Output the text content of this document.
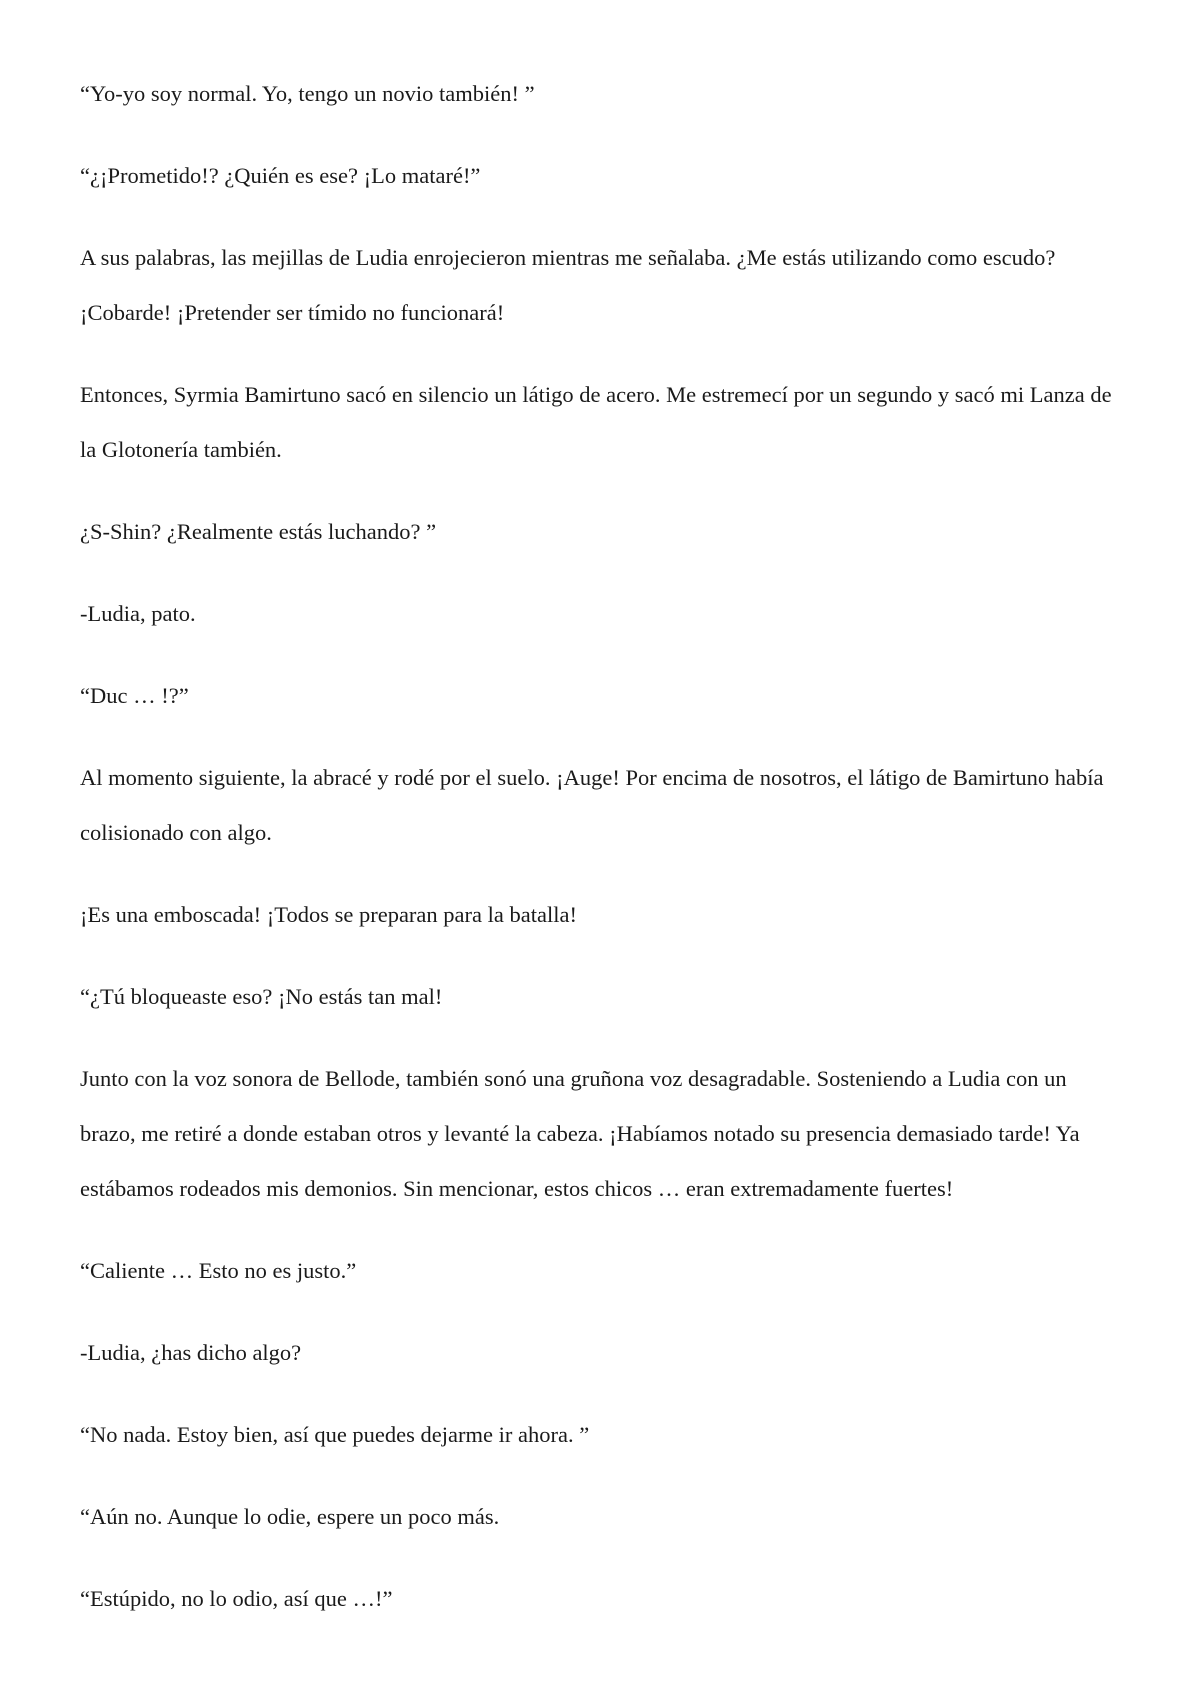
“Yo-yo soy normal. Yo, tengo un novio también! ”

“¿¡Prometido!? ¿Quién es ese? ¡Lo mataré!”

A sus palabras, las mejillas de Ludia enrojecieron mientras me señalaba. ¿Me estás utilizando como escudo? ¡Cobarde! ¡Pretender ser tímido no funcionará!

Entonces, Syrmia Bamirtuno sacó en silencio un látigo de acero. Me estremecí por un segundo y sacó mi Lanza de la Glotonería también.

¿S-Shin? ¿Realmente estás luchando? ”

-Ludia, pato.

“Duc … !?”

Al momento siguiente, la abracé y rodé por el suelo. ¡Auge! Por encima de nosotros, el látigo de Bamirtuno había colisionado con algo.

¡Es una emboscada! ¡Todos se preparan para la batalla!

“¿Tú bloqueaste eso? ¡No estás tan mal!

Junto con la voz sonora de Bellode, también sonó una gruñona voz desagradable. Sosteniendo a Ludia con un brazo, me retiré a donde estaban otros y levanté la cabeza. ¡Habíamos notado su presencia demasiado tarde! Ya estábamos rodeados mis demonios. Sin mencionar, estos chicos … eran extremadamente fuertes!

“Caliente … Esto no es justo.”

-Ludia, ¿has dicho algo?

“No nada. Estoy bien, así que puedes dejarme ir ahora. ”

“Aún no. Aunque lo odie, espere un poco más.

“Estúpido, no lo odio, así que …!”
